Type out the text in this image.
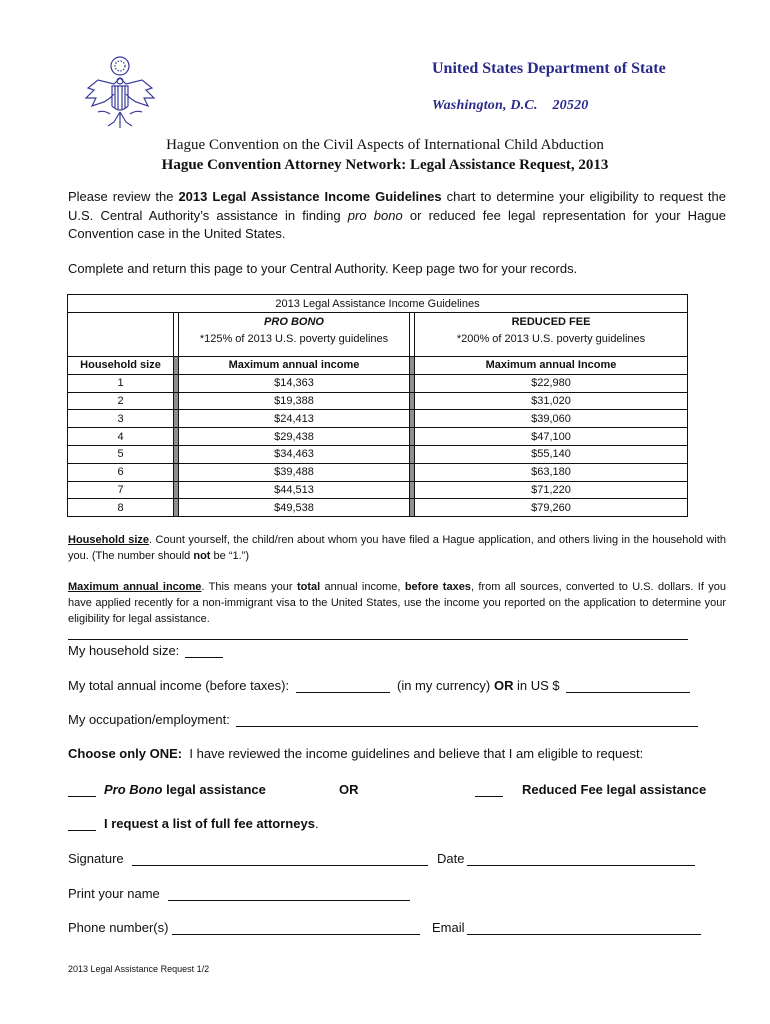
United States Department of State
Washington, D.C. 20520
Hague Convention on the Civil Aspects of International Child Abduction
Hague Convention Attorney Network: Legal Assistance Request, 2013
Please review the 2013 Legal Assistance Income Guidelines chart to determine your eligibility to request the U.S. Central Authority’s assistance in finding pro bono or reduced fee legal representation for your Hague Convention case in the United States.
Complete and return this page to your Central Authority. Keep page two for your records.
2013 Legal Assistance Income Guidelines				
		PRO BONO		REDUCED FEE
		*125% of 2013 U.S. poverty guidelines		*200% of 2013 U.S. poverty guidelines

Household size		Maximum annual income		Maximum annual Income
1		$14,363		$22,980
2		$19,388		$31,020
3		$24,413		$39,060
4		$29,438		$47,100
5		$34,463		$55,140
6		$39,488		$63,180
7		$44,513		$71,220
8		$49,538		$79,260
Household size. Count yourself, the child/ren about whom you have filed a Hague application, and others living in the household with you. (The number should not be “1.”)
Maximum annual income. This means your total annual income, before taxes, from all sources, converted to U.S. dollars. If you have applied recently for a non-immigrant visa to the United States, use the income you reported on the application to determine your eligibility for legal assistance.
My household size:
My total annual income (before taxes):	(in my currency) OR in US $
My occupation/employment:
Choose only ONE: I have reviewed the income guidelines and believe that I am eligible to request:
Pro Bono legal assistance	OR	Reduced Fee legal assistance
I request a list of full fee attorneys.
Signature	Date
Print your name
Phone number(s)	Email
2013 Legal Assistance Request 1/2
